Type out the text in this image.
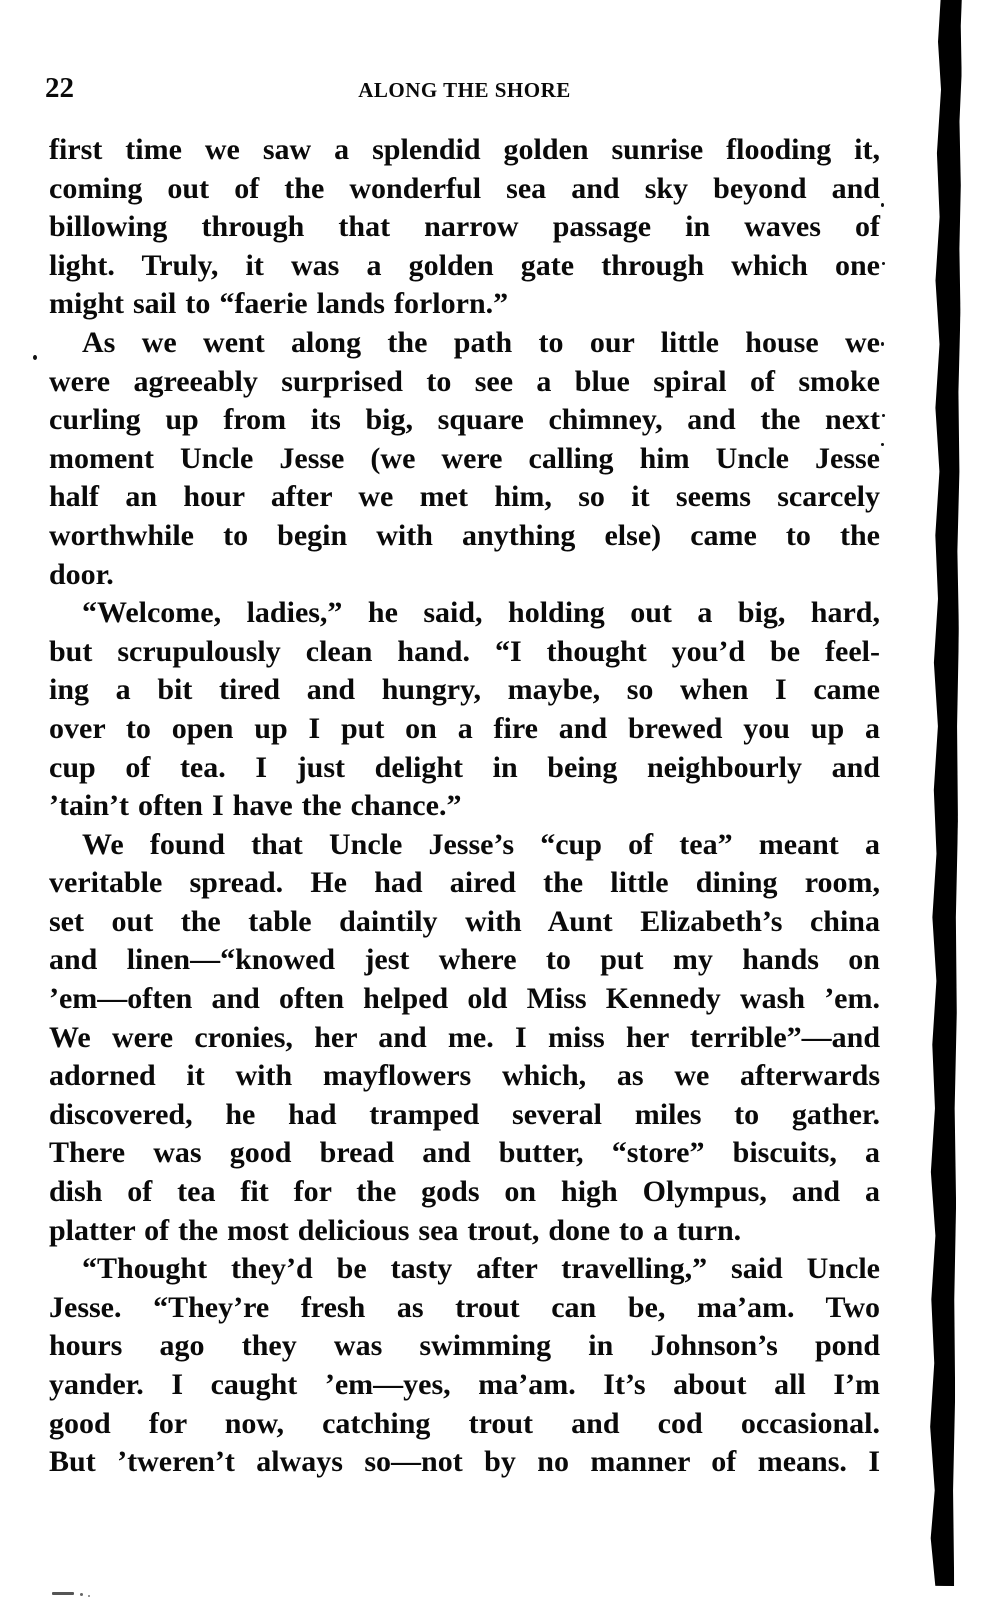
22	ALONG THE SHORE
first time we saw a splendid golden sunrise flooding it,
coming out of the wonderful sea and sky beyond and
billowing through that narrow passage in waves of
light. Truly, it was a golden gate through which one
might sail to “faerie lands forlorn.”
As we went along the path to our little house we
were agreeably surprised to see a blue spiral of smoke
curling up from its big, square chimney, and the next
moment Uncle Jesse (we were calling him Uncle Jesse
half an hour after we met him, so it seems scarcely
worthwhile to begin with anything else) came to the
door.
“Welcome, ladies,” he said, holding out a big, hard,
but scrupulously clean hand. “I thought you’d be feel-
ing a bit tired and hungry, maybe, so when I came
over to open up I put on a fire and brewed you up a
cup of tea. I just delight in being neighbourly and
’tain’t often I have the chance.”
We found that Uncle Jesse’s “cup of tea” meant a
veritable spread. He had aired the little dining room,
set out the table daintily with Aunt Elizabeth’s china
and linen—“knowed jest where to put my hands on
’em—often and often helped old Miss Kennedy wash ’em.
We were cronies, her and me. I miss her terrible”—and
adorned it with mayflowers which, as we afterwards
discovered, he had tramped several miles to gather.
There was good bread and butter, “store” biscuits, a
dish of tea fit for the gods on high Olympus, and a
platter of the most delicious sea trout, done to a turn.
“Thought they’d be tasty after travelling,” said Uncle
Jesse. “They’re fresh as trout can be, ma’am. Two
hours ago they was swimming in Johnson’s pond
yander. I caught ’em—yes, ma’am. It’s about all I’m
good for now, catching trout and cod occasional.
But ’tweren’t always so—not by no manner of means. I
